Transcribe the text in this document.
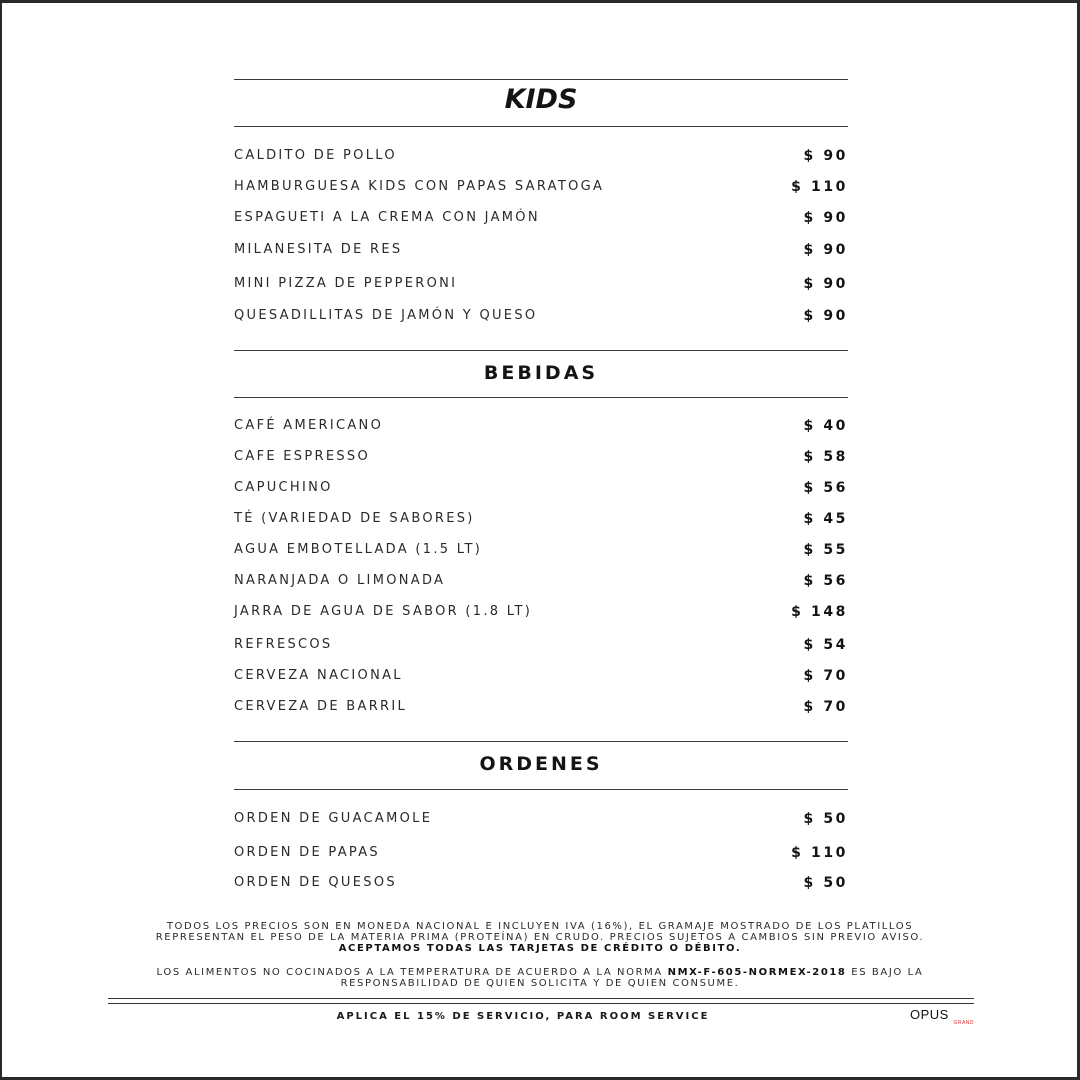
KIDS
CALDITO DE POLLO	$ 90
HAMBURGUESA KIDS CON PAPAS SARATOGA	$ 110
ESPAGUETI A LA CREMA CON JAMÓN	$ 90
MILANESITA DE RES	$ 90
MINI PIZZA DE PEPPERONI	$ 90
QUESADILLITAS DE JAMÓN Y QUESO	$ 90
BEBIDAS
CAFÉ AMERICANO	$ 40
CAFE ESPRESSO	$ 58
CAPUCHINO	$ 56
TÉ (VARIEDAD DE SABORES)	$ 45
AGUA EMBOTELLADA (1.5 LT)	$ 55
NARANJADA O LIMONADA	$ 56
JARRA DE AGUA DE SABOR (1.8 LT)	$ 148
REFRESCOS	$ 54
CERVEZA NACIONAL	$ 70
CERVEZA DE BARRIL	$ 70
ORDENES
ORDEN DE GUACAMOLE	$ 50
ORDEN DE PAPAS	$ 110
ORDEN DE QUESOS	$ 50
TODOS LOS PRECIOS SON EN MONEDA NACIONAL E INCLUYEN IVA (16%), EL GRAMAJE MOSTRADO DE LOS PLATILLOS
REPRESENTAN EL PESO DE LA MATERIA PRIMA (PROTEÍNA) EN CRUDO. PRECIOS SUJETOS A CAMBIOS SIN PREVIO AVISO.
ACEPTAMOS TODAS LAS TARJETAS DE CRÉDITO O DÉBITO.
LOS ALIMENTOS NO COCINADOS A LA TEMPERATURA DE ACUERDO A LA NORMA NMX-F-605-NORMEX-2018 ES BAJO LA
RESPONSABILIDAD DE QUIEN SOLICITA Y DE QUIEN CONSUME.
APLICA EL 15% DE SERVICIO, PARA ROOM SERVICE	OPUS
GRAND
